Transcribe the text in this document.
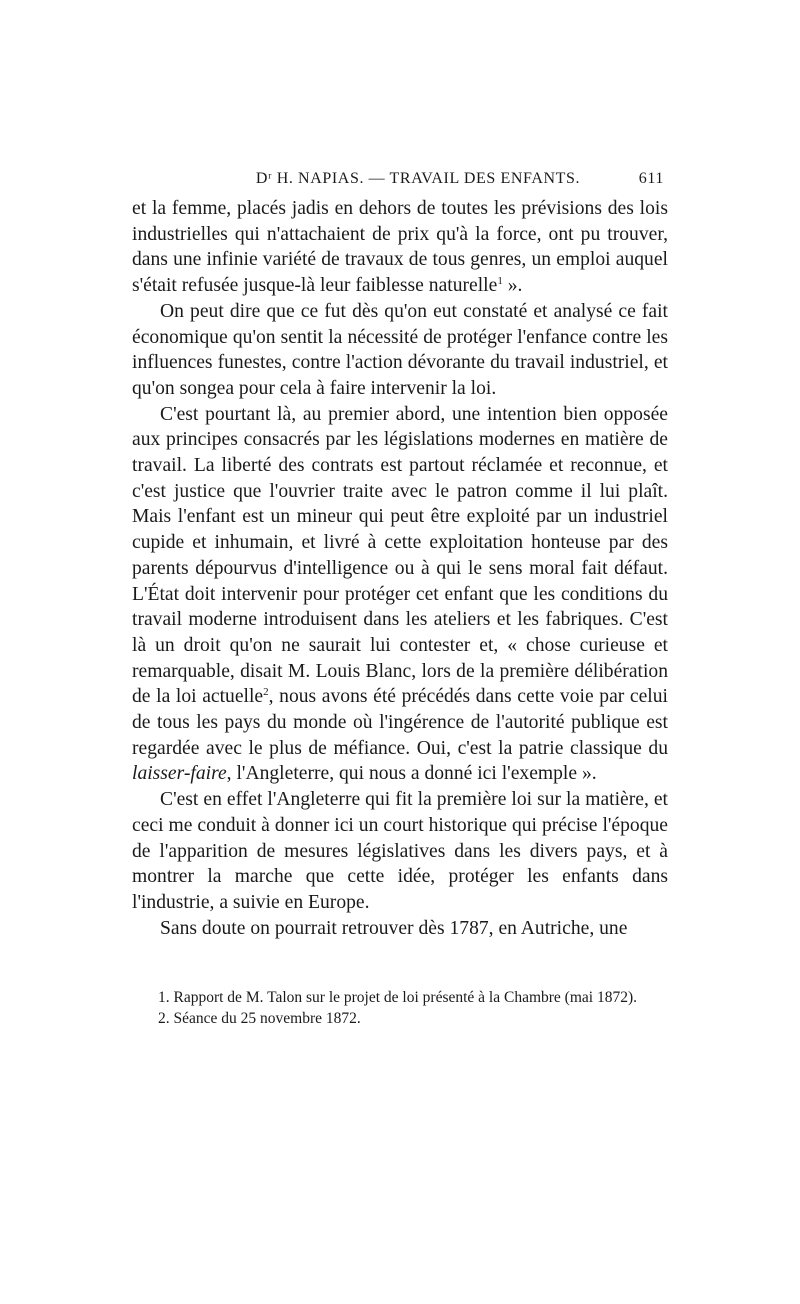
Dʳ H. NAPIAS. — TRAVAIL DES ENFANTS.	611

et la femme, placés jadis en dehors de toutes les prévisions des lois industrielles qui n'attachaient de prix qu'à la force, ont pu trouver, dans une infinie variété de travaux de tous genres, un emploi auquel s'était refusée jusque-là leur faiblesse naturelle$^1$ ».

On peut dire que ce fut dès qu'on eut constaté et analysé ce fait économique qu'on sentit la nécessité de protéger l'enfance contre les influences funestes, contre l'action dévorante du travail industriel, et qu'on songea pour cela à faire intervenir la loi.

C'est pourtant là, au premier abord, une intention bien opposée aux principes consacrés par les législations modernes en matière de travail. La liberté des contrats est partout réclamée et reconnue, et c'est justice que l'ouvrier traite avec le patron comme il lui plaît. Mais l'enfant est un mineur qui peut être exploité par un industriel cupide et inhumain, et livré à cette exploitation honteuse par des parents dépourvus d'intelligence ou à qui le sens moral fait défaut. L'État doit intervenir pour protéger cet enfant que les conditions du travail moderne introduisent dans les ateliers et les fabriques. C'est là un droit qu'on ne saurait lui contester et, « chose curieuse et remarquable, disait M. Louis Blanc, lors de la première délibération de la loi actuelle$^2$, nous avons été précédés dans cette voie par celui de tous les pays du monde où l'ingérence de l'autorité publique est regardée avec le plus de méfiance. Oui, c'est la patrie classique du laisser-faire, l'Angleterre, qui nous a donné ici l'exemple ».

C'est en effet l'Angleterre qui fit la première loi sur la matière, et ceci me conduit à donner ici un court historique qui précise l'époque de l'apparition de mesures législatives dans les divers pays, et à montrer la marche que cette idée, protéger les enfants dans l'industrie, a suivie en Europe.

Sans doute on pourrait retrouver dès 1787, en Autriche, une

1. Rapport de M. Talon sur le projet de loi présenté à la Chambre (mai 1872).

2. Séance du 25 novembre 1872.
